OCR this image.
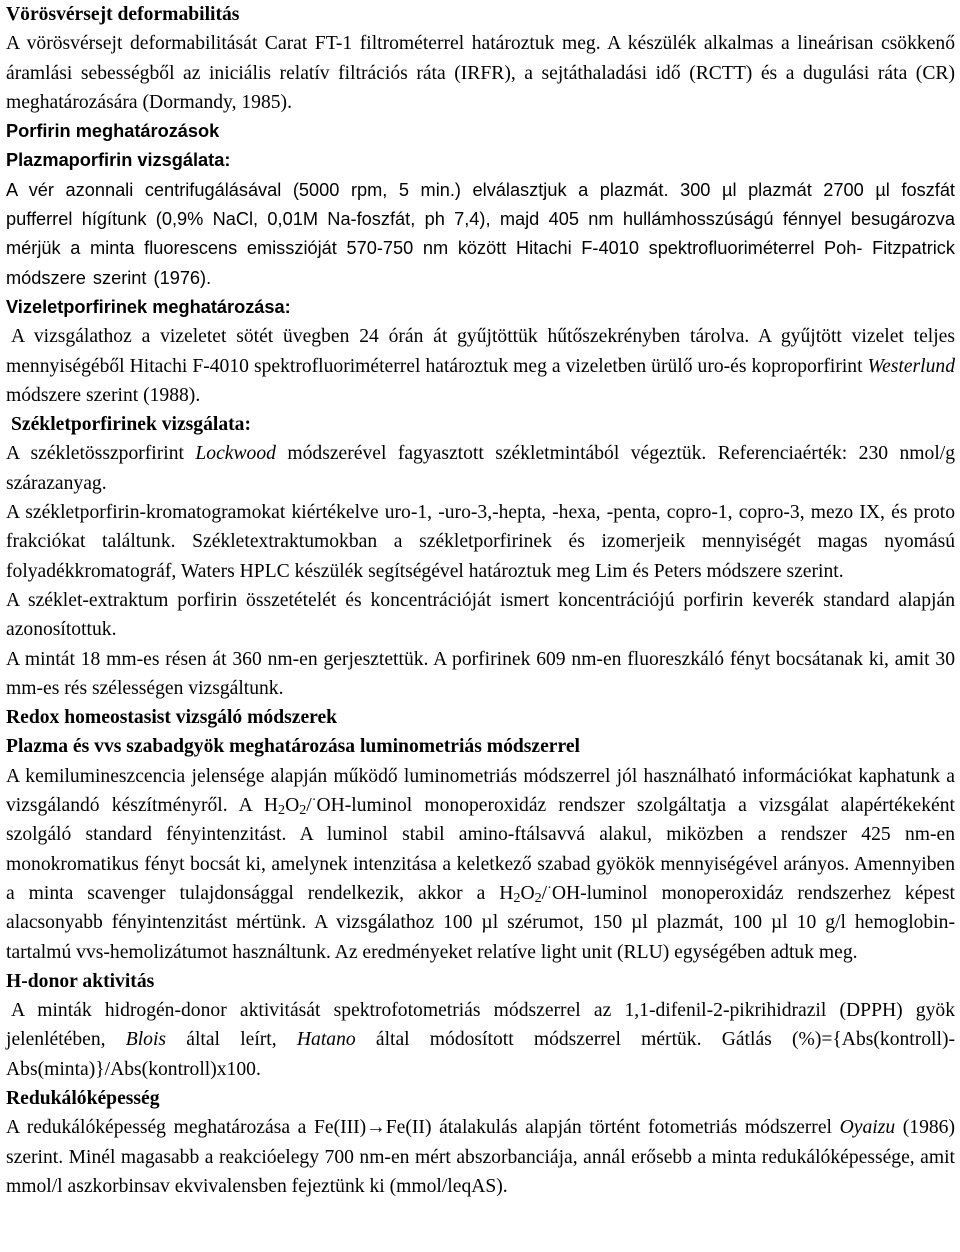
Vörösvérsejt deformabilitás
A vörösvérsejt deformabilitását Carat FT-1 filtrométerrel határoztuk meg. A készülék alkalmas a lineárisan csökkenő áramlási sebességből az iniciális relatív filtrációs ráta (IRFR), a sejtáthaladási idő (RCTT) és a dugulási ráta (CR) meghatározására (Dormandy, 1985).
Porfirin meghatározások
Plazmaporfirin vizsgálata:
A vér azonnali centrifugálásával (5000 rpm, 5 min.) elválasztjuk a plazmát. 300 µl plazmát 2700 µl foszfát pufferrel hígítunk (0,9% NaCl, 0,01M Na-foszfát, ph 7,4), majd 405 nm hullámhosszúságú fénnyel besugározva mérjük a minta fluorescens emisszióját 570-750 nm között Hitachi F-4010 spektrofluoriméterrel Poh- Fitzpatrick módszere szerint (1976).
Vizeletporfirinek meghatározása:
A vizsgálathoz a vizeletet sötét üvegben 24 órán át gyűjtöttük hűtőszekrényben tárolva. A gyűjtött vizelet teljes mennyiségéből Hitachi F-4010 spektrofluoriméterrel határoztuk meg a vizeletben ürülő uro-és koproporfirint Westerlund módszere szerint (1988).
Székletporfirinek vizsgálata:
A székletösszporfirint Lockwood módszerével fagyasztott székletmintából végeztük. Referenciaérték: 230 nmol/g szárazanyag.
A székletporfirin-kromatogramokat kiértékelve uro-1, -uro-3,-hepta, -hexa, -penta, copro-1, copro-3, mezo IX, és proto frakciókat találtunk. Székletextraktumokban a székletporfirinek és izomerjeik mennyiségét magas nyomású folyadékkromatográf, Waters HPLC készülék segítségével határoztuk meg Lim és Peters módszere szerint.
A széklet-extraktum porfirin összetételét és koncentrációját ismert koncentrációjú porfirin keverék standard alapján azonosítottuk.
A mintát 18 mm-es résen át 360 nm-en gerjesztettük. A porfirinek 609 nm-en fluoreszkáló fényt bocsátanak ki, amit 30 mm-es rés szélességen vizsgáltunk.
Redox homeostasist vizsgáló módszerek
Plazma és vvs szabadgyök meghatározása luminometriás módszerrel
A kemilumineszcencia jelensége alapján működő luminometriás módszerrel jól használható információkat kaphatunk a vizsgálandó készítményről. A $H_2O_2/^\cdot OH$-luminol monoperoxidáz rendszer szolgáltatja a vizsgálat alapértékeként szolgáló standard fényintenzitást. A luminol stabil amino-ftálsavvá alakul, miközben a rendszer 425 nm-en monokromatikus fényt bocsát ki, amelynek intenzitása a keletkező szabad gyökök mennyiségével arányos. Amennyiben a minta scavenger tulajdonsággal rendelkezik, akkor a $H_2O_2/^\cdot OH$-luminol monoperoxidáz rendszerhez képest alacsonyabb fényintenzitást mértünk. A vizsgálathoz 100 µl szérumot, 150 µl plazmát, 100 µl 10 g/l hemoglobin-tartalmú vvs-hemolizátumot használtunk. Az eredményeket relatíve light unit (RLU) egységében adtuk meg.
H-donor aktivitás
A minták hidrogén-donor aktivitását spektrofotometriás módszerrel az 1,1-difenil-2-pikrihidrazil (DPPH) gyök jelenlétében, Blois által leírt, Hatano által módosított módszerrel mértük. Gátlás (%)={Abs(kontroll)-Abs(minta)}/Abs(kontroll)x100.
Redukálóképesség
A redukálóképesség meghatározása a Fe(III)→Fe(II) átalakulás alapján történt fotometriás módszerrel Oyaizu (1986) szerint. Minél magasabb a reakcióelegy 700 nm-en mért abszorbanciája, annál erősebb a minta redukálóképessége, amit mmol/l aszkorbinsav ekvivalensben fejeztünk ki (mmol/leqAS).
